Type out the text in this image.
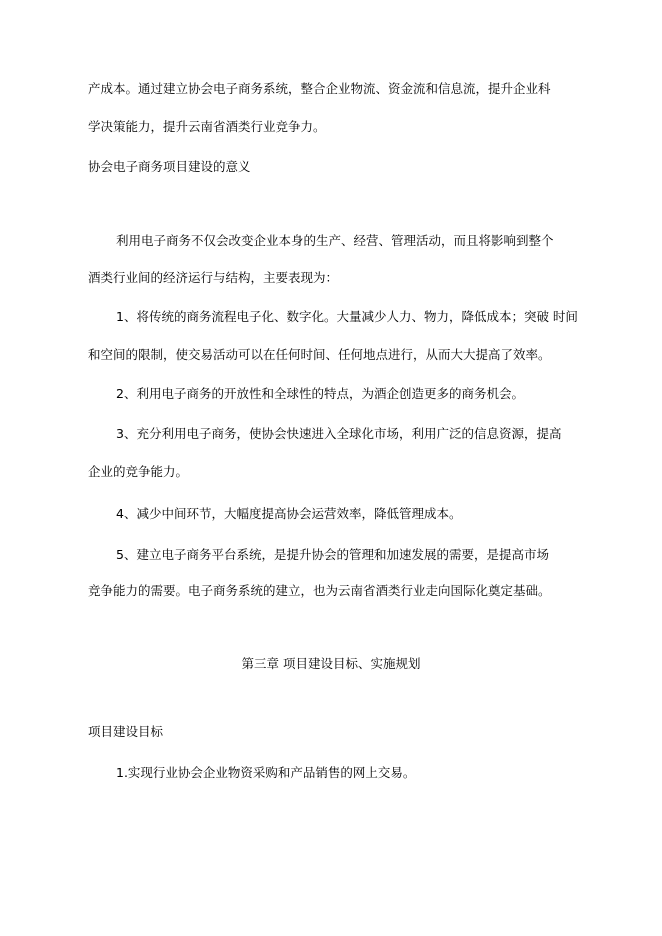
产成本。通过建立协会电子商务系统，整合企业物流、资金流和信息流，提升企业科
学决策能力，提升云南省酒类行业竞争力。
协会电子商务项目建设的意义
利用电子商务不仅会改变企业本身的生产、经营、管理活动，而且将影响到整个
酒类行业间的经济运行与结构，主要表现为：
1、将传统的商务流程电子化、数字化。大量减少人力、物力，降低成本；突破 时间
和空间的限制，使交易活动可以在任何时间、任何地点进行，从而大大提高了效率。
2、利用电子商务的开放性和全球性的特点，为酒企创造更多的商务机会。
3、充分利用电子商务，使协会快速进入全球化市场，利用广泛的信息资源，提高
企业的竞争能力。
4、减少中间环节，大幅度提高协会运营效率，降低管理成本。
5、建立电子商务平台系统，是提升协会的管理和加速发展的需要，是提高市场
竞争能力的需要。电子商务系统的建立，也为云南省酒类行业走向国际化奠定基础。
第三章 项目建设目标、实施规划
项目建设目标
1.实现行业协会企业物资采购和产品销售的网上交易。
